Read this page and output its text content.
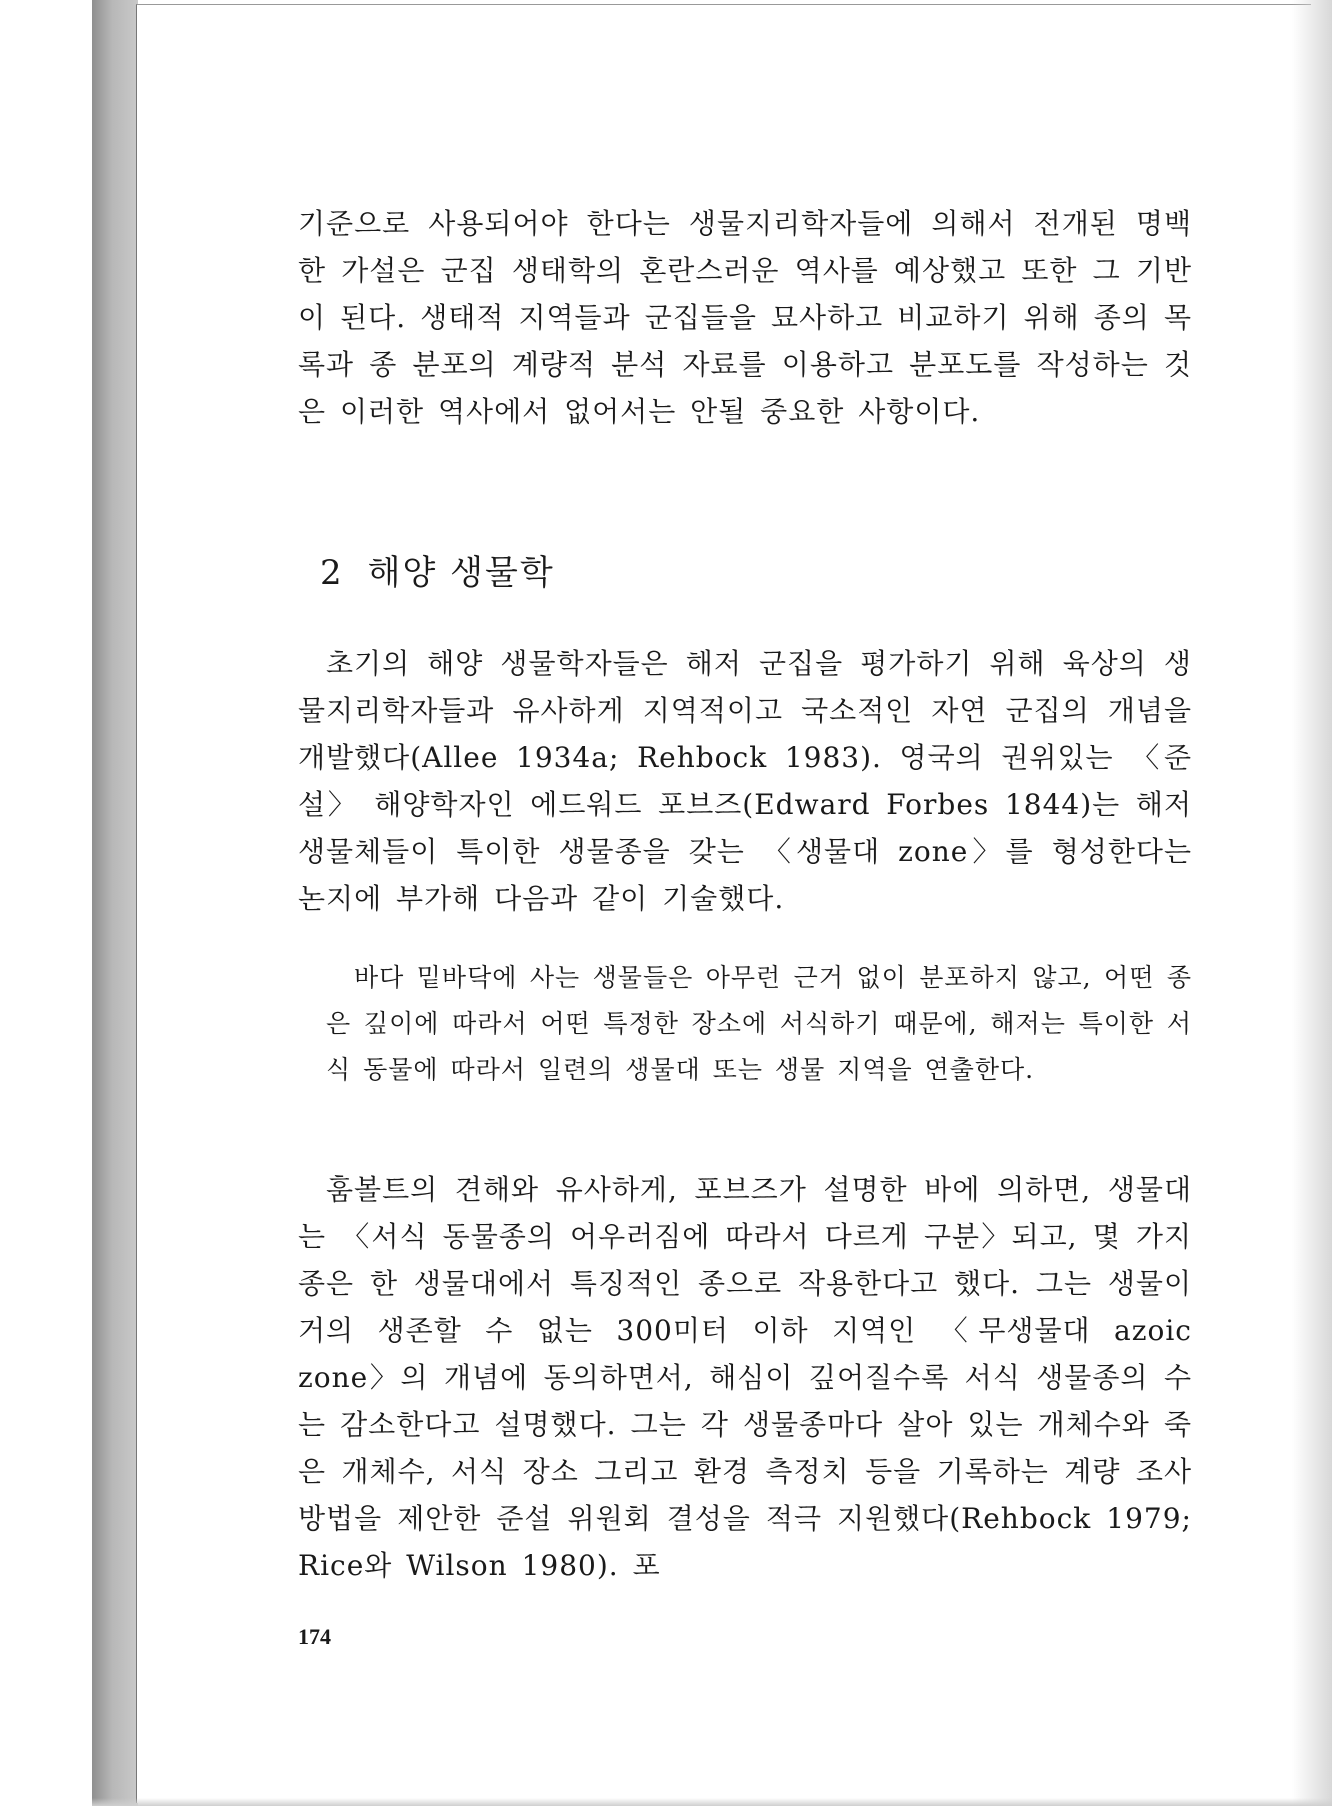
기준으로 사용되어야 한다는 생물지리학자들에 의해서 전개된 명백한 가설은 군집 생태학의 혼란스러운 역사를 예상했고 또한 그 기반이 된다. 생태적 지역들과 군집들을 묘사하고 비교하기 위해 종의 목록과 종 분포의 계량적 분석 자료를 이용하고 분포도를 작성하는 것은 이러한 역사에서 없어서는 안될 중요한 사항이다.

2 해양 생물학

초기의 해양 생물학자들은 해저 군집을 평가하기 위해 육상의 생물지리학자들과 유사하게 지역적이고 국소적인 자연 군집의 개념을 개발했다(Allee 1934a; Rehbock 1983). 영국의 권위있는 〈준설〉 해양학자인 에드워드 포브즈(Edward Forbes 1844)는 해저 생물체들이 특이한 생물종을 갖는 〈생물대 zone〉를 형성한다는 논지에 부가해 다음과 같이 기술했다.

바다 밑바닥에 사는 생물들은 아무런 근거 없이 분포하지 않고, 어떤 종은 깊이에 따라서 어떤 특정한 장소에 서식하기 때문에, 해저는 특이한 서식 동물에 따라서 일련의 생물대 또는 생물 지역을 연출한다.

훔볼트의 견해와 유사하게, 포브즈가 설명한 바에 의하면, 생물대는 〈서식 동물종의 어우러짐에 따라서 다르게 구분〉되고, 몇 가지 종은 한 생물대에서 특징적인 종으로 작용한다고 했다. 그는 생물이 거의 생존할 수 없는 300미터 이하 지역인 〈무생물대 azoic zone〉의 개념에 동의하면서, 해심이 깊어질수록 서식 생물종의 수는 감소한다고 설명했다. 그는 각 생물종마다 살아 있는 개체수와 죽은 개체수, 서식 장소 그리고 환경 측정치 등을 기록하는 계량 조사 방법을 제안한 준설 위원회 결성을 적극 지원했다(Rehbock 1979; Rice와 Wilson 1980). 포

174
